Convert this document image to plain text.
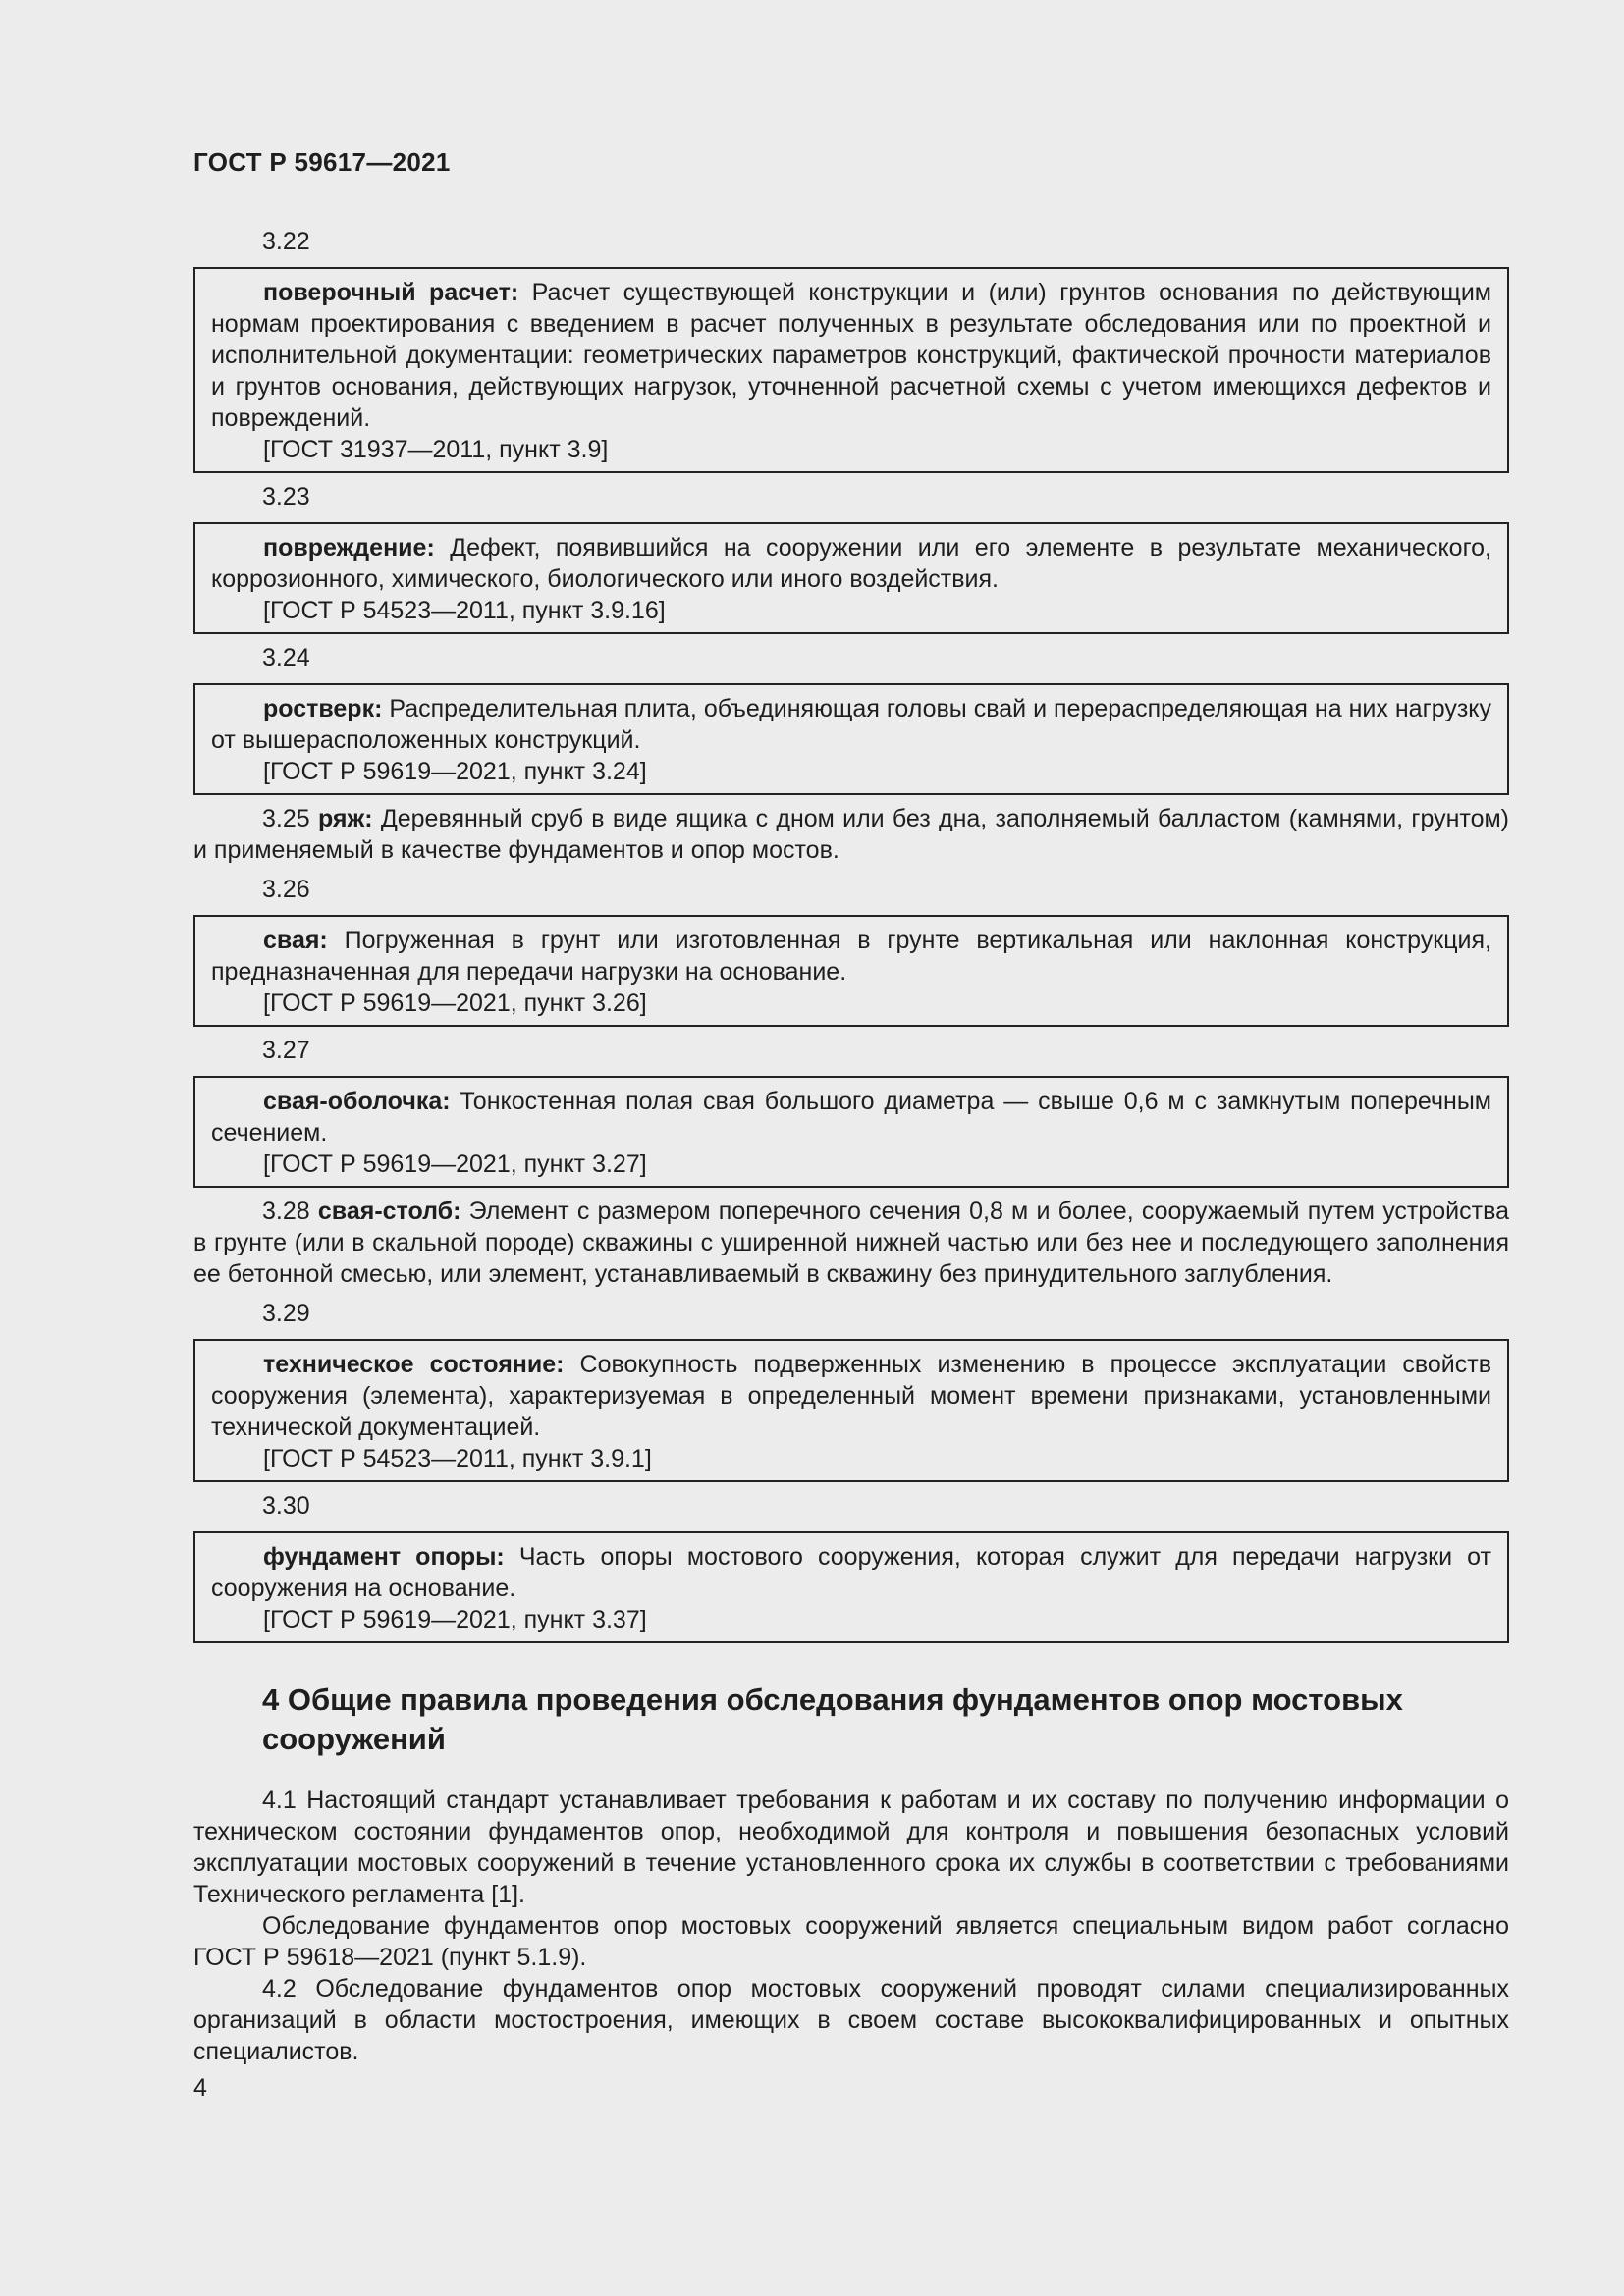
ГОСТ Р 59617—2021
3.22
поверочный расчет: Расчет существующей конструкции и (или) грунтов основания по действующим нормам проектирования с введением в расчет полученных в результате обследования или по проектной и исполнительной документации: геометрических параметров конструкций, фактической прочности материалов и грунтов основания, действующих нагрузок, уточненной расчетной схемы с учетом имеющихся дефектов и повреждений.
[ГОСТ 31937—2011, пункт 3.9]
3.23
повреждение: Дефект, появившийся на сооружении или его элементе в результате механического, коррозионного, химического, биологического или иного воздействия.
[ГОСТ Р 54523—2011, пункт 3.9.16]
3.24
ростверк: Распределительная плита, объединяющая головы свай и перераспределяющая на них нагрузку от вышерасположенных конструкций.
[ГОСТ Р 59619—2021, пункт 3.24]
3.25 ряж: Деревянный сруб в виде ящика с дном или без дна, заполняемый балластом (камнями, грунтом) и применяемый в качестве фундаментов и опор мостов.
3.26
свая: Погруженная в грунт или изготовленная в грунте вертикальная или наклонная конструкция, предназначенная для передачи нагрузки на основание.
[ГОСТ Р 59619—2021, пункт 3.26]
3.27
свая-оболочка: Тонкостенная полая свая большого диаметра — свыше 0,6 м с замкнутым поперечным сечением.
[ГОСТ Р 59619—2021, пункт 3.27]
3.28 свая-столб: Элемент с размером поперечного сечения 0,8 м и более, сооружаемый путем устройства в грунте (или в скальной породе) скважины с уширенной нижней частью или без нее и последующего заполнения ее бетонной смесью, или элемент, устанавливаемый в скважину без принудительного заглубления.
3.29
техническое состояние: Совокупность подверженных изменению в процессе эксплуатации свойств сооружения (элемента), характеризуемая в определенный момент времени признаками, установленными технической документацией.
[ГОСТ Р 54523—2011, пункт 3.9.1]
3.30
фундамент опоры: Часть опоры мостового сооружения, которая служит для передачи нагрузки от сооружения на основание.
[ГОСТ Р 59619—2021, пункт 3.37]
4 Общие правила проведения обследования фундаментов опор мостовых сооружений
4.1 Настоящий стандарт устанавливает требования к работам и их составу по получению информации о техническом состоянии фундаментов опор, необходимой для контроля и повышения безопасных условий эксплуатации мостовых сооружений в течение установленного срока их службы в соответствии с требованиями Технического регламента [1].
Обследование фундаментов опор мостовых сооружений является специальным видом работ согласно ГОСТ Р 59618—2021 (пункт 5.1.9).
4.2 Обследование фундаментов опор мостовых сооружений проводят силами специализированных организаций в области мостостроения, имеющих в своем составе высококвалифицированных и опытных специалистов.
4
